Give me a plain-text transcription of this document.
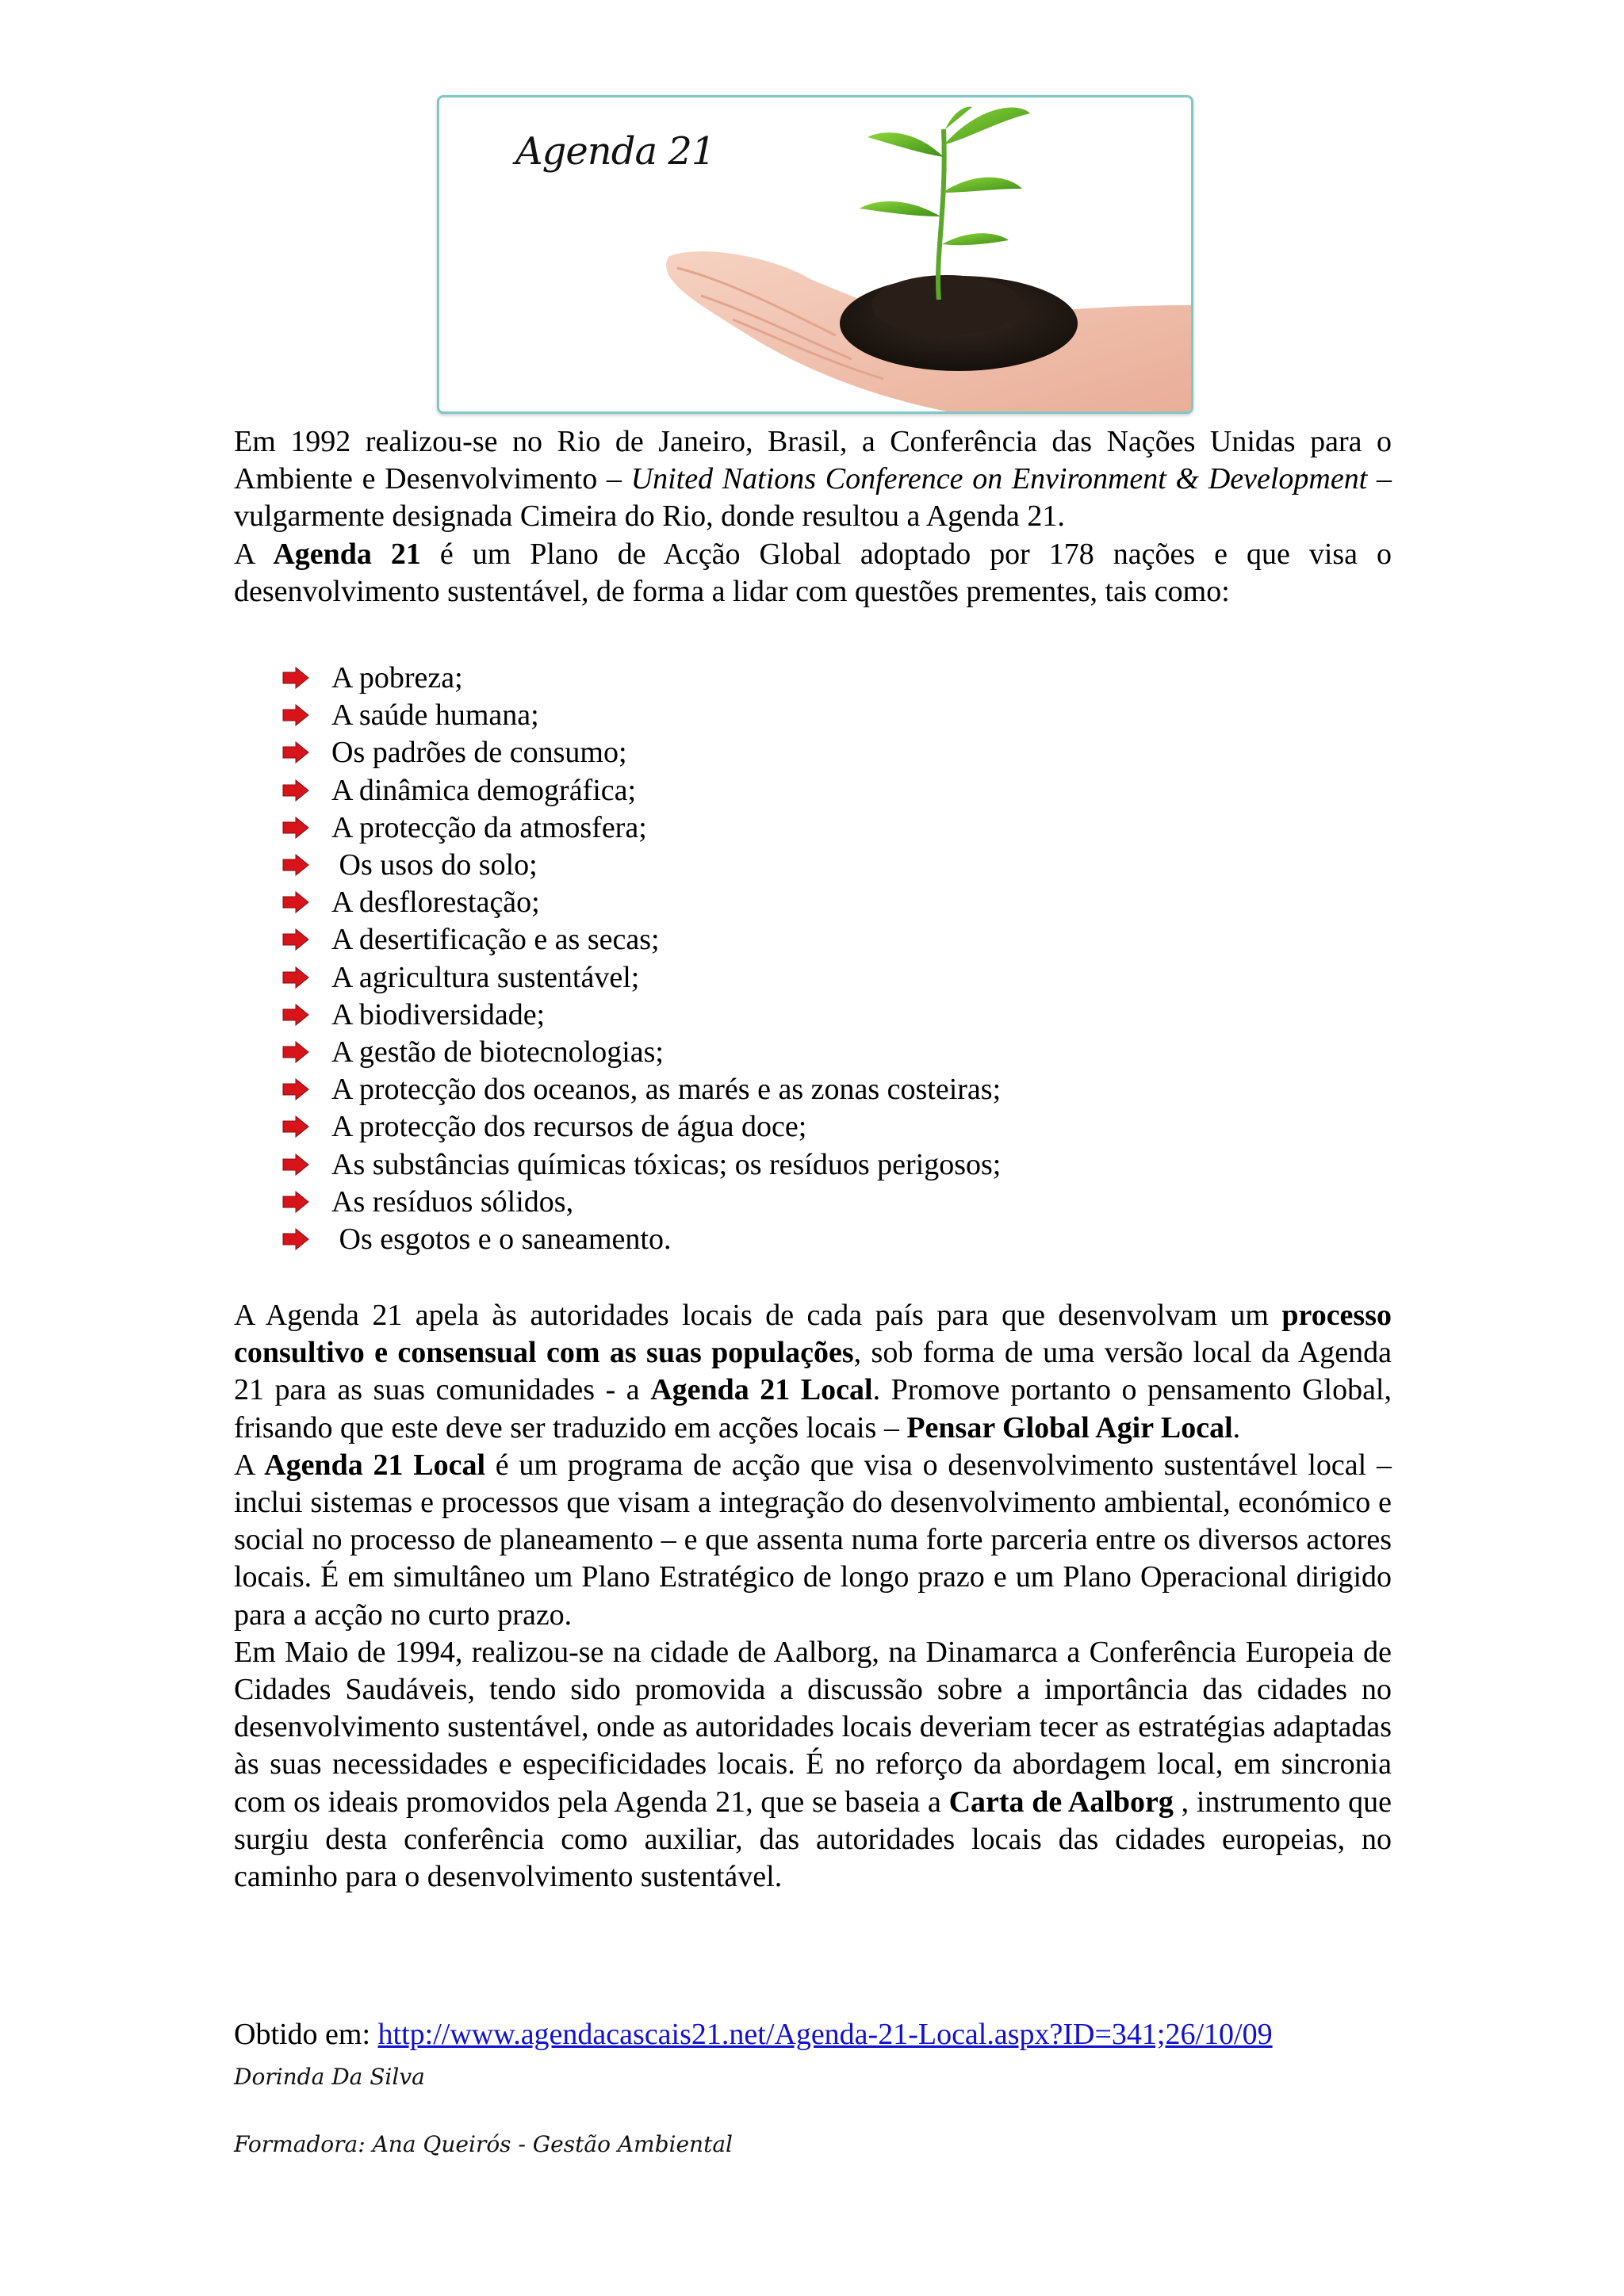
Agenda 21

Em 1992 realizou-se no Rio de Janeiro, Brasil, a Conferência das Nações Unidas para o Ambiente e Desenvolvimento – United Nations Conference on Environment & Development – vulgarmente designada Cimeira do Rio, donde resultou a Agenda 21.

A Agenda 21 é um Plano de Acção Global adoptado por 178 nações e que visa o desenvolvimento sustentável, de forma a lidar com questões prementes, tais como:

A pobreza;
A saúde humana;
Os padrões de consumo;
A dinâmica demográfica;
A protecção da atmosfera;
Os usos do solo;
A desflorestação;
A desertificação e as secas;
A agricultura sustentável;
A biodiversidade;
A gestão de biotecnologias;
A protecção dos oceanos, as marés e as zonas costeiras;
A protecção dos recursos de água doce;
As substâncias químicas tóxicas; os resíduos perigosos;
As resíduos sólidos,
Os esgotos e o saneamento.

A Agenda 21 apela às autoridades locais de cada país para que desenvolvam um processo consultivo e consensual com as suas populações, sob forma de uma versão local da Agenda 21 para as suas comunidades - a Agenda 21 Local. Promove portanto o pensamento Global, frisando que este deve ser traduzido em acções locais – Pensar Global Agir Local.

A Agenda 21 Local é um programa de acção que visa o desenvolvimento sustentável local – inclui sistemas e processos que visam a integração do desenvolvimento ambiental, económico e social no processo de planeamento – e que assenta numa forte parceria entre os diversos actores locais. É em simultâneo um Plano Estratégico de longo prazo e um Plano Operacional dirigido para a acção no curto prazo.

Em Maio de 1994, realizou-se na cidade de Aalborg, na Dinamarca a Conferência Europeia de Cidades Saudáveis, tendo sido promovida a discussão sobre a importância das cidades no desenvolvimento sustentável, onde as autoridades locais deveriam tecer as estratégias adaptadas às suas necessidades e especificidades locais. É no reforço da abordagem local, em sincronia com os ideais promovidos pela Agenda 21, que se baseia a Carta de Aalborg , instrumento que surgiu desta conferência como auxiliar, das autoridades locais das cidades europeias, no caminho para o desenvolvimento sustentável.

Obtido em: http://www.agendacascais21.net/Agenda-21-Local.aspx?ID=341;26/10/09
Dorinda Da Silva
Formadora: Ana Queirós - Gestão Ambiental
